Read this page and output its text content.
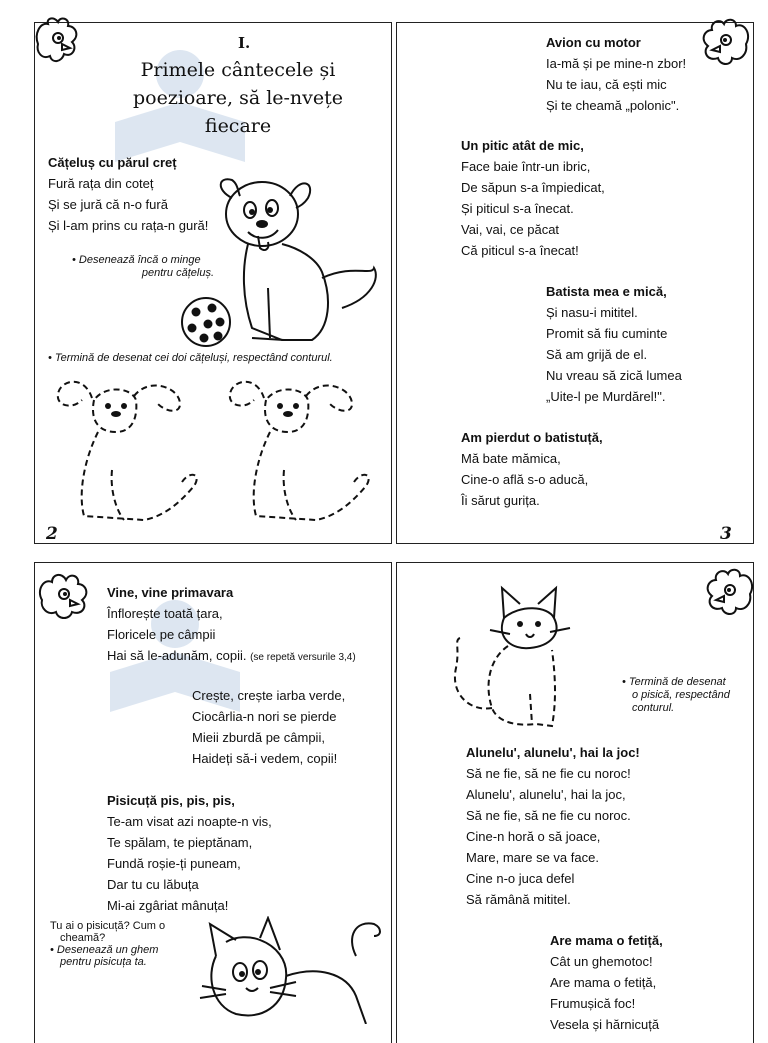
I.
Primele cântecele și
poezioare, să le-nvețe
fiecare
Cățeluș cu părul creț
Fură rața din coteț
Și se jură că n-o fură
Și l-am prins cu rața-n gură!
• Desenează încă o minge
pentru cățeluș.
• Termină de desenat cei doi cățeluși, respectând conturul.
2
Avion cu motor
Ia-mă și pe mine-n zbor!
Nu te iau, că ești mic
Și te cheamă „polonic".
Un pitic atât de mic,
Face baie într-un ibric,
De săpun s-a împiedicat,
Și piticul s-a înecat.
Vai, vai, ce păcat
Că piticul s-a înecat!
Batista mea e mică,
Și nasu-i mititel.
Promit să fiu cuminte
Să am grijă de el.
Nu vreau să zică lumea
„Uite-l pe Murdărel!".
Am pierdut o batistuță,
Mă bate mămica,
Cine-o află s-o aducă,
Îi sărut gurița.
3
Vine, vine primavara
Înflorește toată țara,
Floricele pe câmpii
Hai să le-adunăm, copii. (se repetă versurile 3,4)
Crește, crește iarba verde,
Ciocârlia-n nori se pierde
Mieii zburdă pe câmpii,
Haideți să-i vedem, copii!
Pisicuță pis, pis, pis,
Te-am visat azi noapte-n vis,
Te spălam, te pieptănam,
Fundă roșie-ți puneam,
Dar tu cu lăbuța
Mi-ai zgâriat mânuța!
Tu ai o pisicuță? Cum o
cheamă?
• Desenează un ghem
pentru pisicuța ta.
• Termină de desenat
o pisică, respectând
conturul.
Alunelu', alunelu', hai la joc!
Să ne fie, să ne fie cu noroc!
Alunelu', alunelu', hai la joc,
Să ne fie, să ne fie cu noroc.
Cine-n horă o să joace,
Mare, mare se va face.
Cine n-o juca defel
Să rămână mititel.
Are mama o fetiță,
Cât un ghemotoc!
Are mama o fetiță,
Frumușică foc!
Vesela și hărnicuță
